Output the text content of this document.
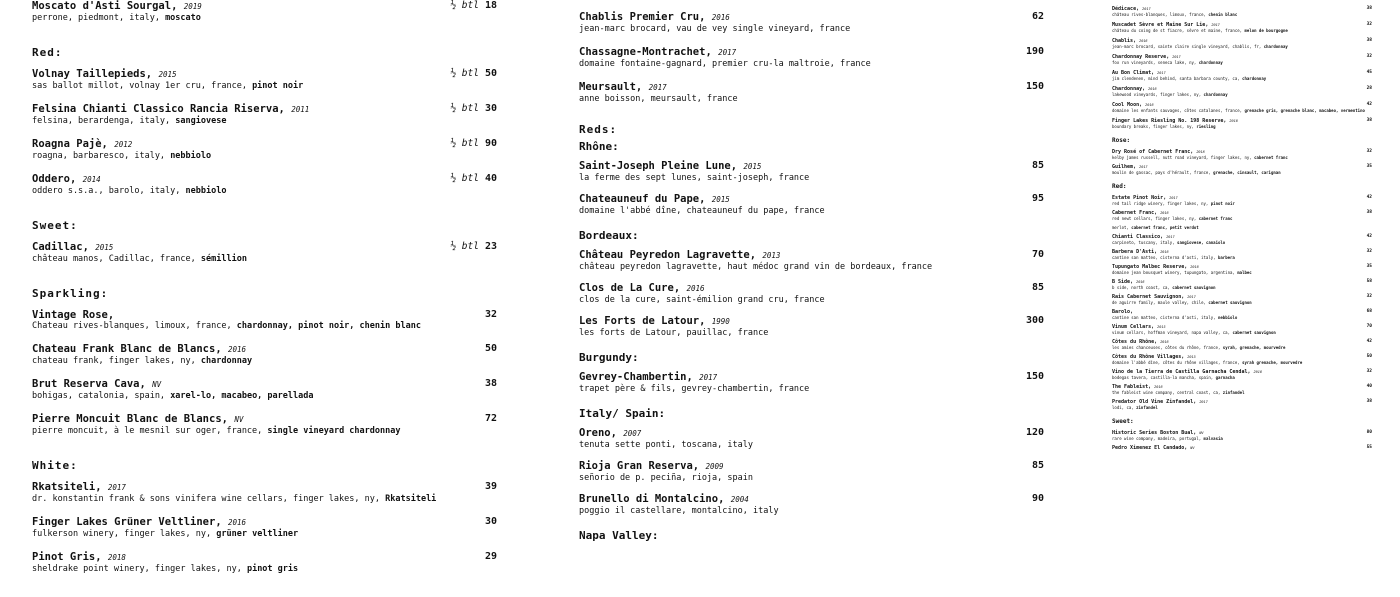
Moscato d'Asti Sourgal, 2019
perrone, piedmont, italy, moscato
½ btl 18
Red:
Volnay Taillepieds, 2015
sas ballot millot, volnay 1er cru, france, pinot noir
½ btl 50
Felsina Chianti Classico Rancia Riserva, 2011
felsina, berardenga, italy, sangiovese
½ btl 30
Roagna Pajè, 2012
roagna, barbaresco, italy, nebbiolo
½ btl 90
Oddero, 2014
oddero s.s.a., barolo, italy, nebbiolo
½ btl 40
Sweet:
Cadillac, 2015
château manos, Cadillac, france, sémillion
½ btl 23
Sparkling:
Vintage Rose,
Chateau rives-blanques, limoux, france, chardonnay, pinot noir, chenin blanc
32
Chateau Frank Blanc de Blancs, 2016
chateau frank, finger lakes, ny, chardonnay
50
Brut Reserva Cava, NV
bohigas, catalonia, spain, xarel-lo, macabeo, parellada
38
Pierre Moncuit Blanc de Blancs, NV
pierre moncuit, à le mesnil sur oger, france, single vineyard chardonnay
72
White:
Rkatsiteli, 2017
dr. konstantin frank & sons vinifera wine cellars, finger lakes, ny, Rkatsiteli
39
Finger Lakes Grüner Veltliner, 2016
fulkerson winery, finger lakes, ny, grüner veltliner
30
Pinot Gris, 2018
sheldrake point winery, finger lakes, ny, pinot gris
29
Chablis Premier Cru, 2016
jean-marc brocard, vau de vey single vineyard, france
62
Chassagne-Montrachet, 2017
domaine fontaine-gagnard, premier cru-la maltroie, france
190
Meursault, 2017
anne boisson, meursault, france
150
Reds:
Rhône:
Saint-Joseph Pleine Lune, 2015
la ferme des sept lunes, saint-joseph, france
85
Chateauneuf du Pape, 2015
domaine l'abbé dîne, chateauneuf du pape, france
95
Bordeaux:
Château Peyredon Lagravette, 2013
château peyredon lagravette, haut médoc grand vin de bordeaux, france
70
Clos de La Cure, 2016
clos de la cure, saint-émilion grand cru, france
85
Les Forts de Latour, 1990
les forts de Latour, pauillac, france
300
Burgundy:
Gevrey-Chambertin, 2017
trapet père & fils, gevrey-chambertin, france
150
Italy/ Spain:
Oreno, 2007
tenuta sette ponti, toscana, italy
120
Rioja Gran Reserva, 2009
señorio de p. peciña, rioja, spain
85
Brunello di Montalcino, 2004
poggio il castellare, montalcino, italy
90
Napa Valley:
Dédicace, 2017
château rives-blanques, limoux, france, chenin blanc
38
Muscadet Sèvre et Maine Sur Lie, 2017
château du coing de st fiacre, sèvre et maine, france, melon de bourgogne
32
Chablis, 2016
jean-marc brocard, sainte claire single vineyard, chablis, fr, chardonnay
38
Chardonnay Reserve, 2017
fox run vineyards, seneca lake, ny, chardonnay
32
Au Bon Climat, 2017
jim clendenen, mind behind, santa barbara county, ca, chardonnay
45
Chardonnay, 2016
lakewood vineyards, finger lakes, ny, chardonnay
28
Cool Moon, 2016
domaine les enfants sauvages, côtes catalanes, france, grenache gris, grenache blanc, macabeo, vermentino
42
Finger Lakes Riesling No. 198 Reserve, 2016
boundary breaks, finger lakes, ny, riesling
38
Rose:
Dry Rosé of Cabernet Franc, 2018
kelby james russell, nutt road vineyard, finger lakes, ny, cabernet franc
32
Guilhem, 2017
moulin de gassac, pays d'hérault, france, grenache, cinsault, carignan
35
Red:
Estate Pinot Noir, 2017
red tail ridge winery, finger lakes, ny, pinot noir
42
Cabernet Franc, 2016
red newt cellars, finger lakes, ny, cabernet franc
38
merlot, cabernet franc, petit verdot
Chianti Classico, 2017
carpineto, tuscany, italy, sangiovese, canaiolo
42
Barbera D'Asti, 2016
cantine san matteo, cisterna d'asti, italy, barbera
32
Tupungato Malbec Reserve, 2016
domaine jean bousquet winery, tupungato, argentina, malbec
35
B Side, 2016
b side, north coast, ca, cabernet sauvignon
58
Rais Cabernet Sauvignon, 2017
de aguirre family, maule valley, chile, cabernet sauvignon
32
Barolo,
cantine san matteo, cisterna d'asti, italy, nebbiolo
68
Vinum Cellars, 2015
vinum cellars, hoffman vineyard, napa valley, ca, cabernet sauvignon
70
Côtes du Rhône, 2016
les amies chanceuses, côtes du rhône, france, syrah, grenache, mourvedre
42
Côtes du Rhône Villages, 2015
domaine l'abbé dîne, côtes du rhône villages, france, syrah grenache, mourvedre
50
Vino de la Tierra de Castilla Garnacha Cendal, 2018
bodegas tavera, castilla-la mancha, spain, garnacha
32
The Fableist, 2016
the fableist wine company, central coast, ca, zinfandel
40
Predator Old Vine Zinfandel, 2017
lodi, ca, zinfandel
38
Sweet:
Historic Series Boston Bual, NV
rare wine company, madeira, portugal, malvasia
80
Pedro Ximenez El Candado, NV	55
